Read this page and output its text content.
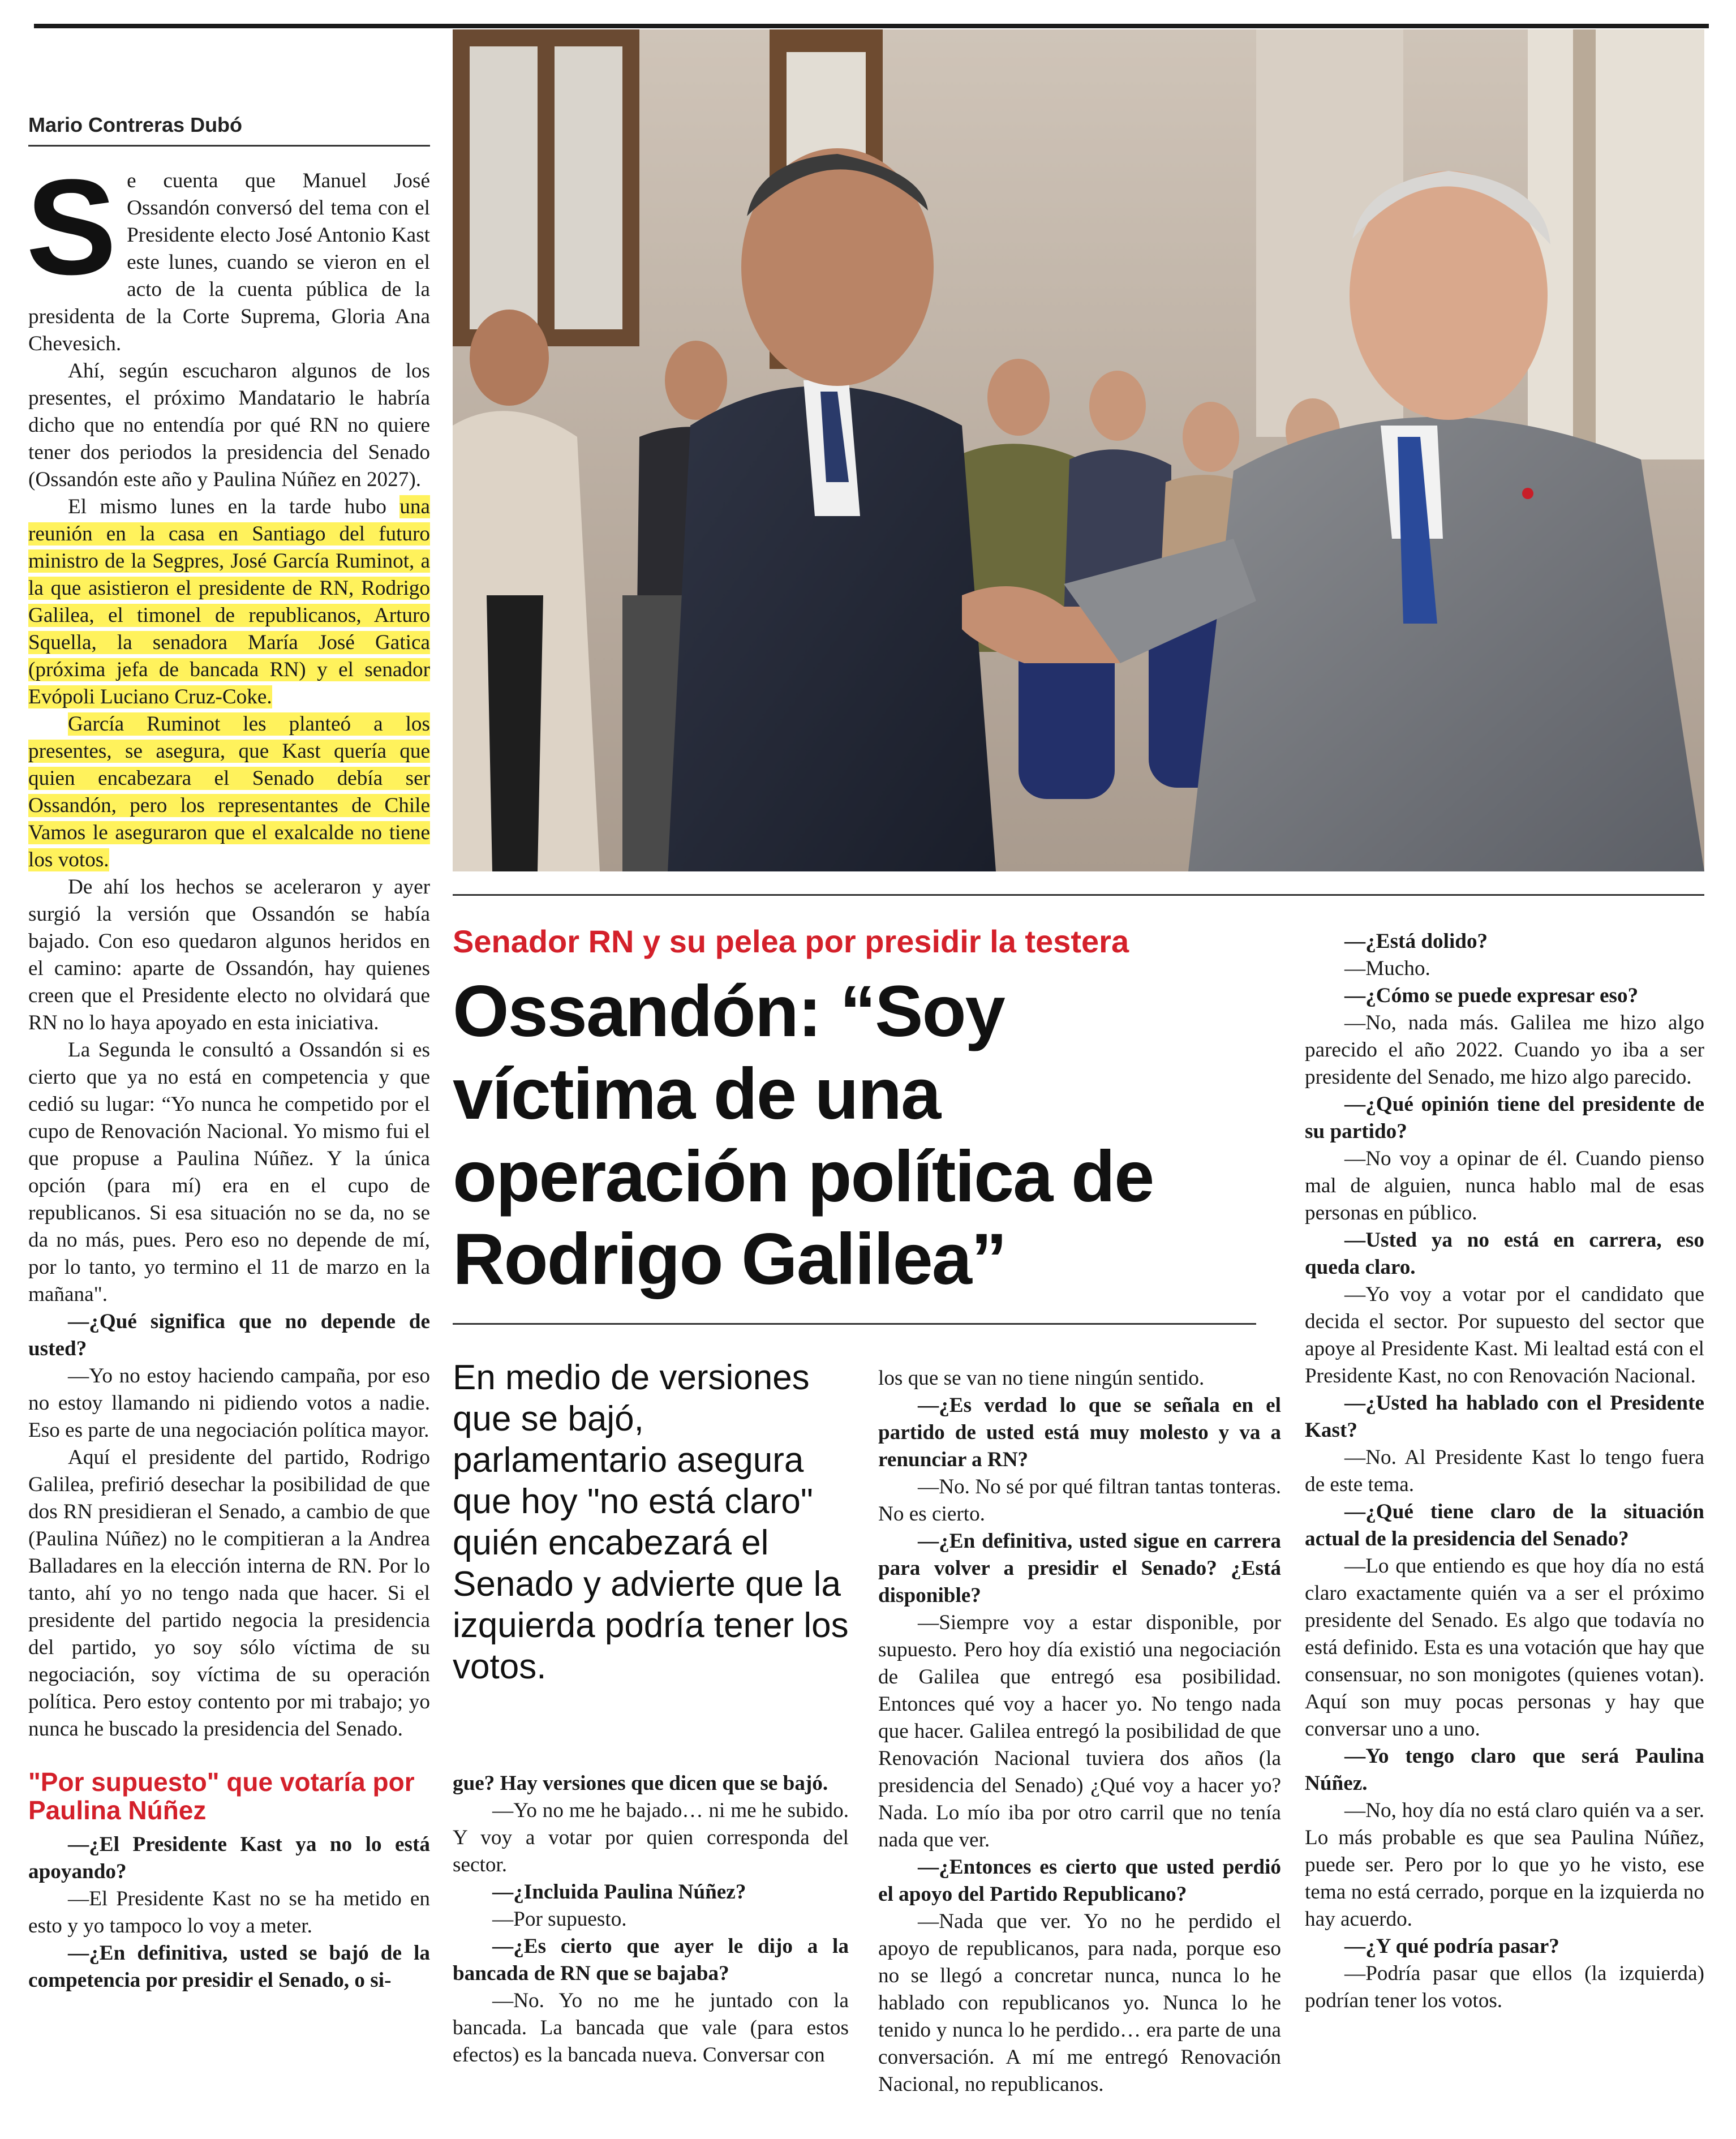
Mario Contreras Dubó
S e cuenta que Manuel José Ossandón conversó del tema con el Presidente electo José Antonio Kast este lunes, cuando se vieron en el acto de la cuenta pública de la presidenta de la Corte Suprema, Gloria Ana Chevesich.

Ahí, según escucharon algunos de los presentes, el próximo Mandatario le habría dicho que no entendía por qué RN no quiere tener dos periodos la presidencia del Senado (Ossandón este año y Paulina Núñez en 2027).

El mismo lunes en la tarde hubo una reunión en la casa en Santiago del futuro ministro de la Segpres, José García Ruminot, a la que asistieron el presidente de RN, Rodrigo Galilea, el timonel de republicanos, Arturo Squella, la senadora María José Gatica (próxima jefa de bancada RN) y el senador Evópoli Luciano Cruz-Coke.

García Ruminot les planteó a los presentes, se asegura, que Kast quería que quien encabezara el Senado debía ser Ossandón, pero los representantes de Chile Vamos le aseguraron que el exalcalde no tiene los votos.

De ahí los hechos se aceleraron y ayer surgió la versión que Ossandón se había bajado. Con eso quedaron algunos heridos en el camino: aparte de Ossandón, hay quienes creen que el Presidente electo no olvidará que RN no lo haya apoyado en esta iniciativa.

La Segunda le consultó a Ossandón si es cierto que ya no está en competencia y que cedió su lugar: “Yo nunca he competido por el cupo de Renovación Nacional. Yo mismo fui el que propuse a Paulina Núñez. Y la única opción (para mí) era en el cupo de republicanos. Si esa situación no se da, no se da no más, pues. Pero eso no depende de mí, por lo tanto, yo termino el 11 de marzo en la mañana".

—¿Qué significa que no depende de usted?

—Yo no estoy haciendo campaña, por eso no estoy llamando ni pidiendo votos a nadie. Eso es parte de una negociación política mayor.

Aquí el presidente del partido, Rodrigo Galilea, prefirió desechar la posibilidad de que dos RN presidieran el Senado, a cambio de que (Paulina Núñez) no le compitieran a la Andrea Balladares en la elección interna de RN. Por lo tanto, ahí yo no tengo nada que hacer. Si el presidente del partido negocia la presidencia del partido, yo soy sólo víctima de su negociación, soy víctima de su operación política. Pero estoy contento por mi trabajo; yo nunca he buscado la presidencia del Senado.

"Por supuesto" que votaría por Paulina Núñez

—¿El Presidente Kast ya no lo está apoyando?

—El Presidente Kast no se ha metido en esto y yo tampoco lo voy a meter.

—¿En definitiva, usted se bajó de la competencia por presidir el Senado, o si-

Senador RN y su pelea por presidir la testera
Ossandón: “Soy víctima de una operación política de Rodrigo Galilea”
En medio de versiones que se bajó, parlamentario asegura que hoy "no está claro" quién encabezará el Senado y advierte que la izquierda podría tener los votos.

gue? Hay versiones que dicen que se bajó.

—Yo no me he bajado… ni me he subido. Y voy a votar por quien corresponda del sector.

—¿Incluida Paulina Núñez?

—Por supuesto.

—¿Es cierto que ayer le dijo a la bancada de RN que se bajaba?

—No. Yo no me he juntado con la bancada. La bancada que vale (para estos efectos) es la bancada nueva. Conversar con

los que se van no tiene ningún sentido.

—¿Es verdad lo que se señala en el partido de usted está muy molesto y va a renunciar a RN?

—No. No sé por qué filtran tantas tonteras. No es cierto.

—¿En definitiva, usted sigue en carrera para volver a presidir el Senado? ¿Está disponible?

—Siempre voy a estar disponible, por supuesto. Pero hoy día existió una negociación de Galilea que entregó esa posibilidad. Entonces qué voy a hacer yo. No tengo nada que hacer. Galilea entregó la posibilidad de que Renovación Nacional tuviera dos años (la presidencia del Senado) ¿Qué voy a hacer yo? Nada. Lo mío iba por otro carril que no tenía nada que ver.

—¿Entonces es cierto que usted perdió el apoyo del Partido Republicano?

—Nada que ver. Yo no he perdido el apoyo de republicanos, para nada, porque eso no se llegó a concretar nunca, nunca lo he hablado con republicanos yo. Nunca lo he tenido y nunca lo he perdido… era parte de una conversación. A mí me entregó Renovación Nacional, no republicanos.

—¿Está dolido?

—Mucho.

—¿Cómo se puede expresar eso?

—No, nada más. Galilea me hizo algo parecido el año 2022. Cuando yo iba a ser presidente del Senado, me hizo algo parecido.

—¿Qué opinión tiene del presidente de su partido?

—No voy a opinar de él. Cuando pienso mal de alguien, nunca hablo mal de esas personas en público.

—Usted ya no está en carrera, eso queda claro.

—Yo voy a votar por el candidato que decida el sector. Por supuesto del sector que apoye al Presidente Kast. Mi lealtad está con el Presidente Kast, no con Renovación Nacional.

—¿Usted ha hablado con el Presidente Kast?

—No. Al Presidente Kast lo tengo fuera de este tema.

—¿Qué tiene claro de la situación actual de la presidencia del Senado?

—Lo que entiendo es que hoy día no está claro exactamente quién va a ser el próximo presidente del Senado. Es algo que todavía no está definido. Esta es una votación que hay que consensuar, no son monigotes (quienes votan). Aquí son muy pocas personas y hay que conversar uno a uno.

—Yo tengo claro que será Paulina Núñez.

—No, hoy día no está claro quién va a ser. Lo más probable es que sea Paulina Núñez, puede ser. Pero por lo que yo he visto, ese tema no está cerrado, porque en la izquierda no hay acuerdo.

—¿Y qué podría pasar?

—Podría pasar que ellos (la izquierda) podrían tener los votos.
